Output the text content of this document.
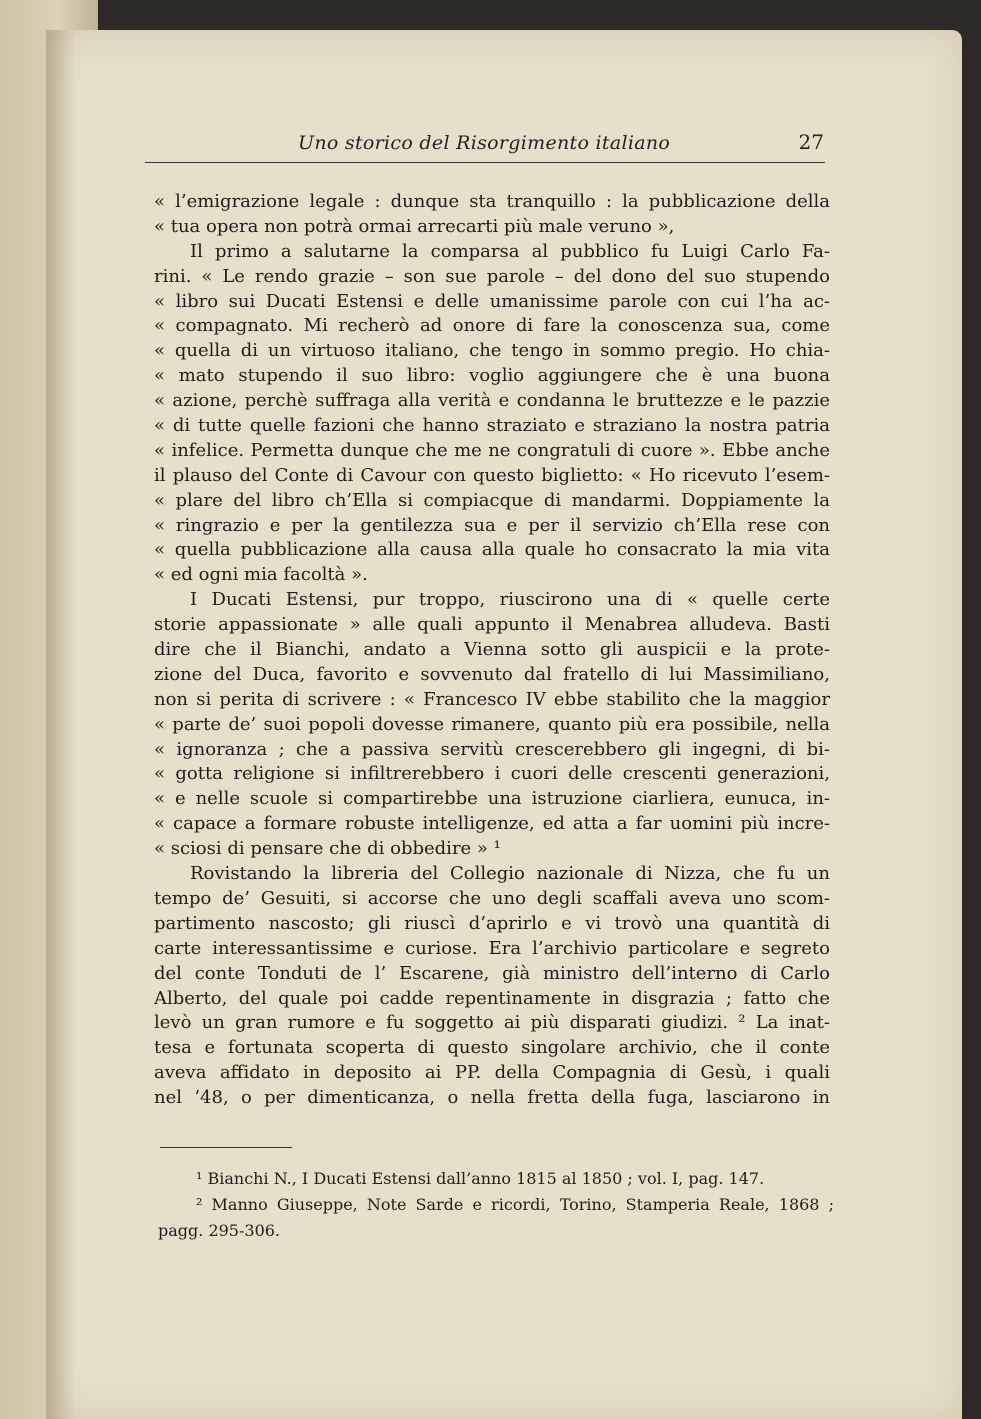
Uno storico del Risorgimento italiano	27
« l’emigrazione legale : dunque sta tranquillo : la pubblicazione della
« tua opera non potrà ormai arrecarti più male veruno »,
Il primo a salutarne la comparsa al pubblico fu Luigi Carlo Fa-
rini. « Le rendo grazie – son sue parole – del dono del suo stupendo
« libro sui Ducati Estensi e delle umanissime parole con cui l’ha ac-
« compagnato. Mi recherò ad onore di fare la conoscenza sua, come
« quella di un virtuoso italiano, che tengo in sommo pregio. Ho chia-
« mato stupendo il suo libro: voglio aggiungere che è una buona
« azione, perchè suffraga alla verità e condanna le bruttezze e le pazzie
« di tutte quelle fazioni che hanno straziato e straziano la nostra patria
« infelice. Permetta dunque che me ne congratuli di cuore ». Ebbe anche
il plauso del Conte di Cavour con questo biglietto: « Ho ricevuto l’esem-
« plare del libro ch’Ella si compiacque di mandarmi. Doppiamente la
« ringrazio e per la gentilezza sua e per il servizio ch’Ella rese con
« quella pubblicazione alla causa alla quale ho consacrato la mia vita
« ed ogni mia facoltà ».
I Ducati Estensi, pur troppo, riuscirono una di « quelle certe
storie appassionate » alle quali appunto il Menabrea alludeva. Basti
dire che il Bianchi, andato a Vienna sotto gli auspicii e la prote-
zione del Duca, favorito e sovvenuto dal fratello di lui Massimiliano,
non si perita di scrivere : « Francesco IV ebbe stabilito che la maggior
« parte de’ suoi popoli dovesse rimanere, quanto più era possibile, nella
« ignoranza ; che a passiva servitù crescerebbero gli ingegni, di bi-
« gotta religione si infiltrerebbero i cuori delle crescenti generazioni,
« e nelle scuole si compartirebbe una istruzione ciarliera, eunuca, in-
« capace a formare robuste intelligenze, ed atta a far uomini più incre-
« sciosi di pensare che di obbedire » ¹
Rovistando la libreria del Collegio nazionale di Nizza, che fu un
tempo de’ Gesuiti, si accorse che uno degli scaffali aveva uno scom-
partimento nascosto; gli riuscì d’aprirlo e vi trovò una quantità di
carte interessantissime e curiose. Era l’archivio particolare e segreto
del conte Tonduti de l’ Escarene, già ministro dell’interno di Carlo
Alberto, del quale poi cadde repentinamente in disgrazia ; fatto che
levò un gran rumore e fu soggetto ai più disparati giudizi. ² La inat-
tesa e fortunata scoperta di questo singolare archivio, che il conte
aveva affidato in deposito ai PP. della Compagnia di Gesù, i quali
nel ’48, o per dimenticanza, o nella fretta della fuga, lasciarono in
¹ Bianchi N., I Ducati Estensi dall’anno 1815 al 1850 ; vol. I, pag. 147.
² Manno Giuseppe, Note Sarde e ricordi, Torino, Stamperia Reale, 1868 ;
pagg. 295-306.
